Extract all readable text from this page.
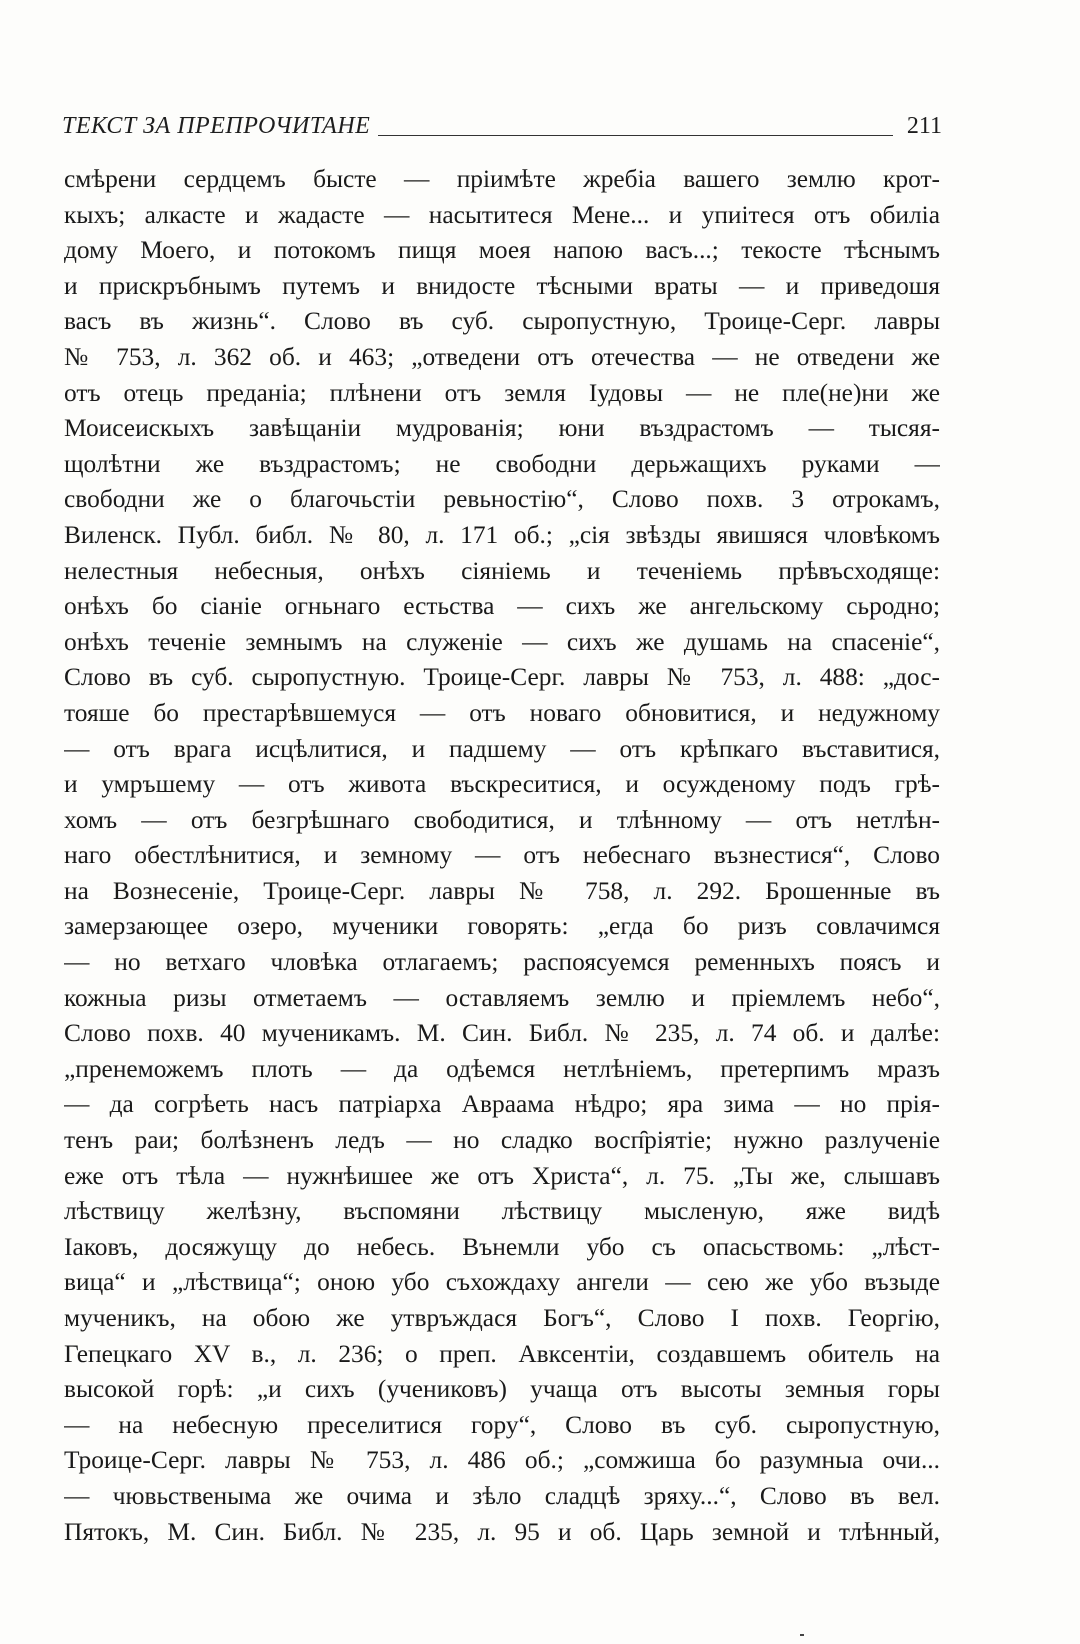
ТЕКСТ ЗА ПРЕПРОЧИТАНЕ	211
смѣрени сердцемъ бысте — пріимѣте жребіа вашего землю крот-
кыхъ; алкасте и жадасте — насытитеся Мене... и упиітеся отъ обиліа
дому Моего, и потокомъ пищя моея напою васъ...; текосте тѣснымъ
и прискръбнымъ путемъ и внидосте тѣсными враты — и приведошя
васъ въ жизнь“. Слово въ суб. сыропустную, Троице-Серг. лавры
№ 753, л. 362 об. и 463; „отведени отъ отечества — не отведени же
отъ отець преданіа; плѣнени отъ земля Іудовы — не пле(не)ни же
Моисеискыхъ завѣщаніи мудрованія; юни въздрастомъ — тысяя-
щолѣтни же въздрастомъ; не свободни дерьжащихъ руками —
свободни же о благочьстіи ревьностію“, Слово похв. 3 отрокамъ,
Виленск. Публ. библ. № 80, л. 171 об.; „сія звѣзды явишяся чловѣкомъ
нелестныя небесныя, онѣхъ сіяніемь и теченіемь прѣвъсходяще:
онѣхъ бо сіаніе огньнаго естьства — сихъ же ангельскому сьродно;
онѣхъ теченіе земнымъ на служеніе — сихъ же душамь на спасеніе“,
Слово въ суб. сыропустную. Троице-Серг. лавры № 753, л. 488: „дос-
тояше бо престарѣвшемуся — отъ новаго обновитися, и недужному
— отъ врага исцѣлитися, и падшему — отъ крѣпкаго въставитися,
и умръшему — отъ живота въскреситися, и осужденому подъ грѣ-
хомъ — отъ безгрѣшнаго свободитися, и тлѣнному — отъ нетлѣн-
наго обестлѣнитися, и земному — отъ небеснаго възнестися“, Слово
на Вознесеніе, Троице-Серг. лавры № 758, л. 292. Брошенные въ
замерзающее озеро, мученики говорять: „егда бо ризъ совлачимся
— но ветхаго чловѣка отлагаемъ; распоясуемся ременныхъ поясъ и
кожныа ризы отметаемъ — оставляемъ землю и пріемлемъ небо“,
Слово похв. 40 мученикамъ. М. Син. Библ. № 235, л. 74 об. и далѣе:
„пренеможемъ плоть — да одѣемся нетлѣніемъ, претерпимъ мразъ
— да согрѣеть насъ патріарха Авраама нѣдро; яра зима — но прія-
тенъ раи; болѣзненъ ледъ — но сладко восп̑ріятіе; нужно разлученіе
еже отъ тѣла — нужнѣишее же отъ Христа“, л. 75. „Ты же, слышавъ
лѣствицу желѣзну, въспомяни лѣствицу мысленую, яже видѣ
Іаковъ, досяжущу до небесь. Вънемли убо съ опасьствомь: „лѣст-
вица“ и „лѣствица“; оною убо съхождаху ангели — сею же убо възыде
мученикъ, на обою же утвръждася Богъ“, Слово І похв. Георгію,
Гепецкаго XV в., л. 236; о преп. Авксентіи, создавшемъ обитель на
высокой горѣ: „и сихъ (учениковъ) учаща отъ высоты земныя горы
— на небесную преселитися гору“, Слово въ суб. сыропустную,
Троице-Серг. лавры № 753, л. 486 об.; „сомжиша бо разумныа очи...
— чювьственыма же очима и зѣло сладцѣ зряху...“, Слово въ вел.
Пятокъ, М. Син. Библ. № 235, л. 95 и об. Царь земной и тлѣнный,
